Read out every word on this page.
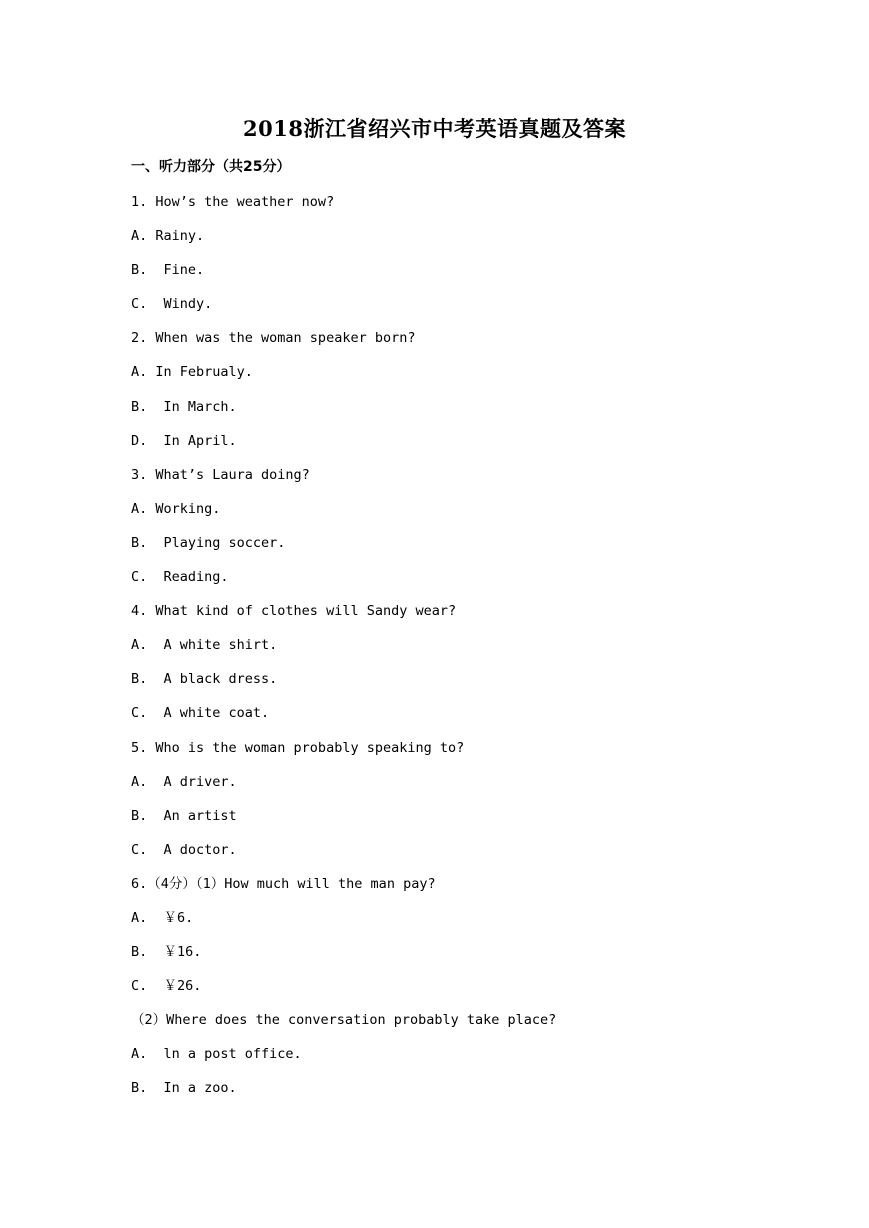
2018浙江省绍兴市中考英语真题及答案
一、听力部分（共25分）
1. How’s the weather now?
A. Rainy.
B.  Fine.
C.  Windy.
2. When was the woman speaker born?
A. In Februaly.
B.  In March.
D.  In April.
3. What’s Laura doing?
A. Working.
B.  Playing soccer.
C.  Reading.
4. What kind of clothes will Sandy wear?
A.  A white shirt.
B.  A black dress.
C.  A white coat.
5. Who is the woman probably speaking to?
A.  A driver.
B.  An artist
C.  A doctor.
6.（4分）（1）How much will the man pay?
A.  ￥6.
B.  ￥16.
C.  ￥26.
（2）Where does the conversation probably take place?
A.  ln a post office.
B.  In a zoo.
